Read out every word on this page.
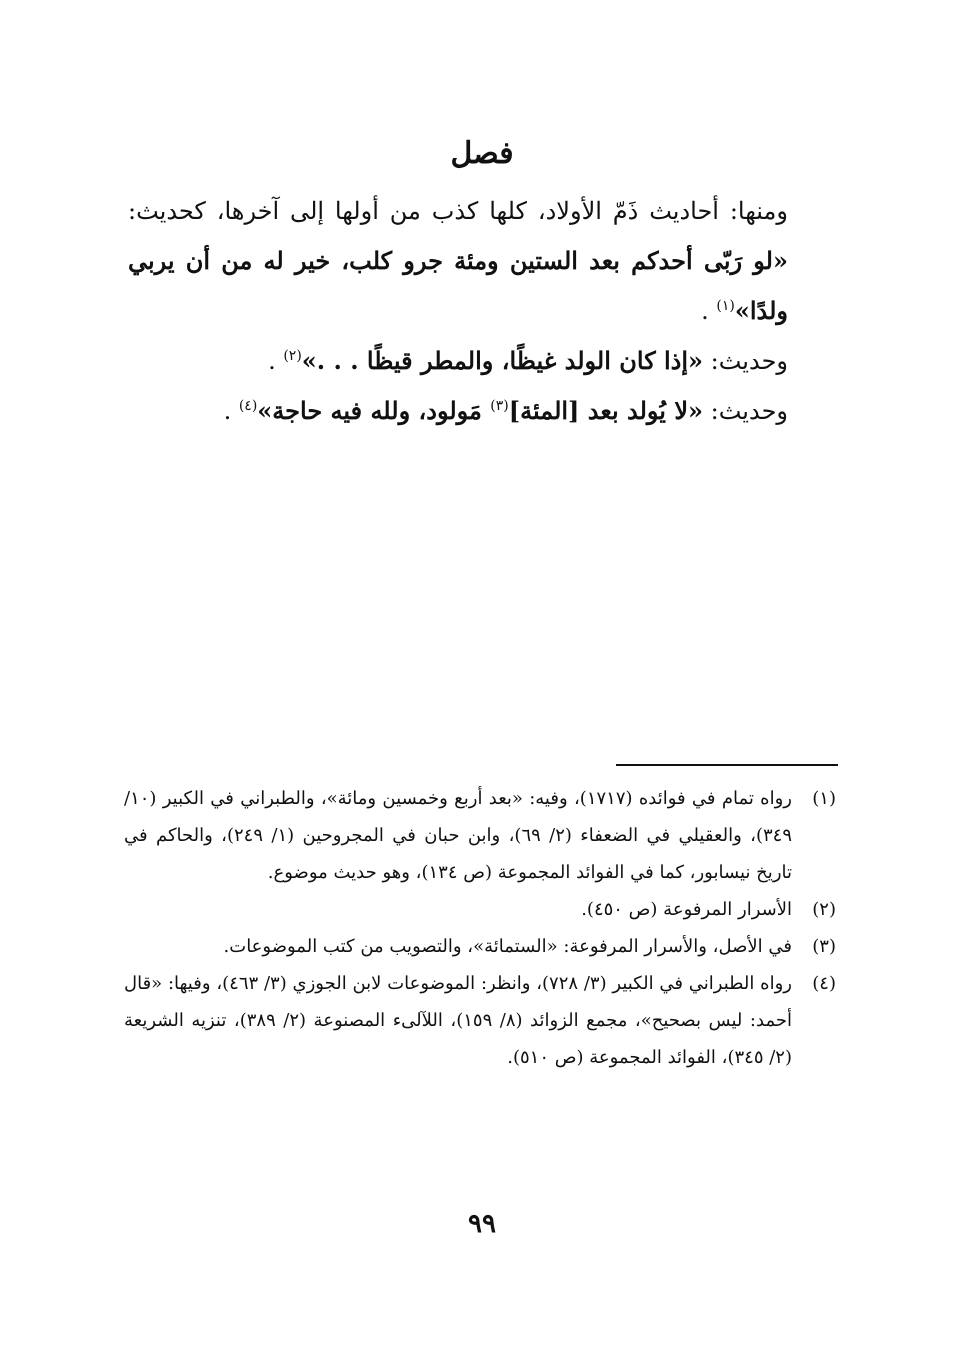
فصل

ومنها: أحاديث ذَمّ الأولاد، كلها كذب من أولها إلى آخرها، كحديث: «لو رَبّى أحدكم بعد الستين ومئة جرو كلب، خير له من أن يربي ولدًا»$^{(١)}$ .

وحديث: «إذا كان الولد غيظًا، والمطر قيظًا . . .»$^{(٢)}$ .

وحديث: «لا يُولد بعد [المئة]$^{(٣)}$ مَولود، ولله فيه حاجة»$^{(٤)}$ .

(١)
رواه تمام في فوائده (١٧١٧)، وفيه: «بعد أربع وخمسين ومائة»، والطبراني في الكبير (١٠/ ٣٤٩)، والعقيلي في الضعفاء (٢/ ٦٩)، وابن حبان في المجروحين (١/ ٢٤٩)، والحاكم في تاريخ نيسابور، كما في الفوائد المجموعة (ص ١٣٤)، وهو حديث موضوع.
(٢)
الأسرار المرفوعة (ص ٤٥٠).
(٣)
في الأصل، والأسرار المرفوعة: «الستمائة»، والتصويب من كتب الموضوعات.
(٤)
رواه الطبراني في الكبير (٣/ ٧٢٨)، وانظر: الموضوعات لابن الجوزي (٣/ ٤٦٣)، وفيها: «قال أحمد: ليس بصحيح»، مجمع الزوائد (٨/ ١٥٩)، اللآلىء المصنوعة (٢/ ٣٨٩)، تنزيه الشريعة (٢/ ٣٤٥)، الفوائد المجموعة (ص ٥١٠).
٩٩
